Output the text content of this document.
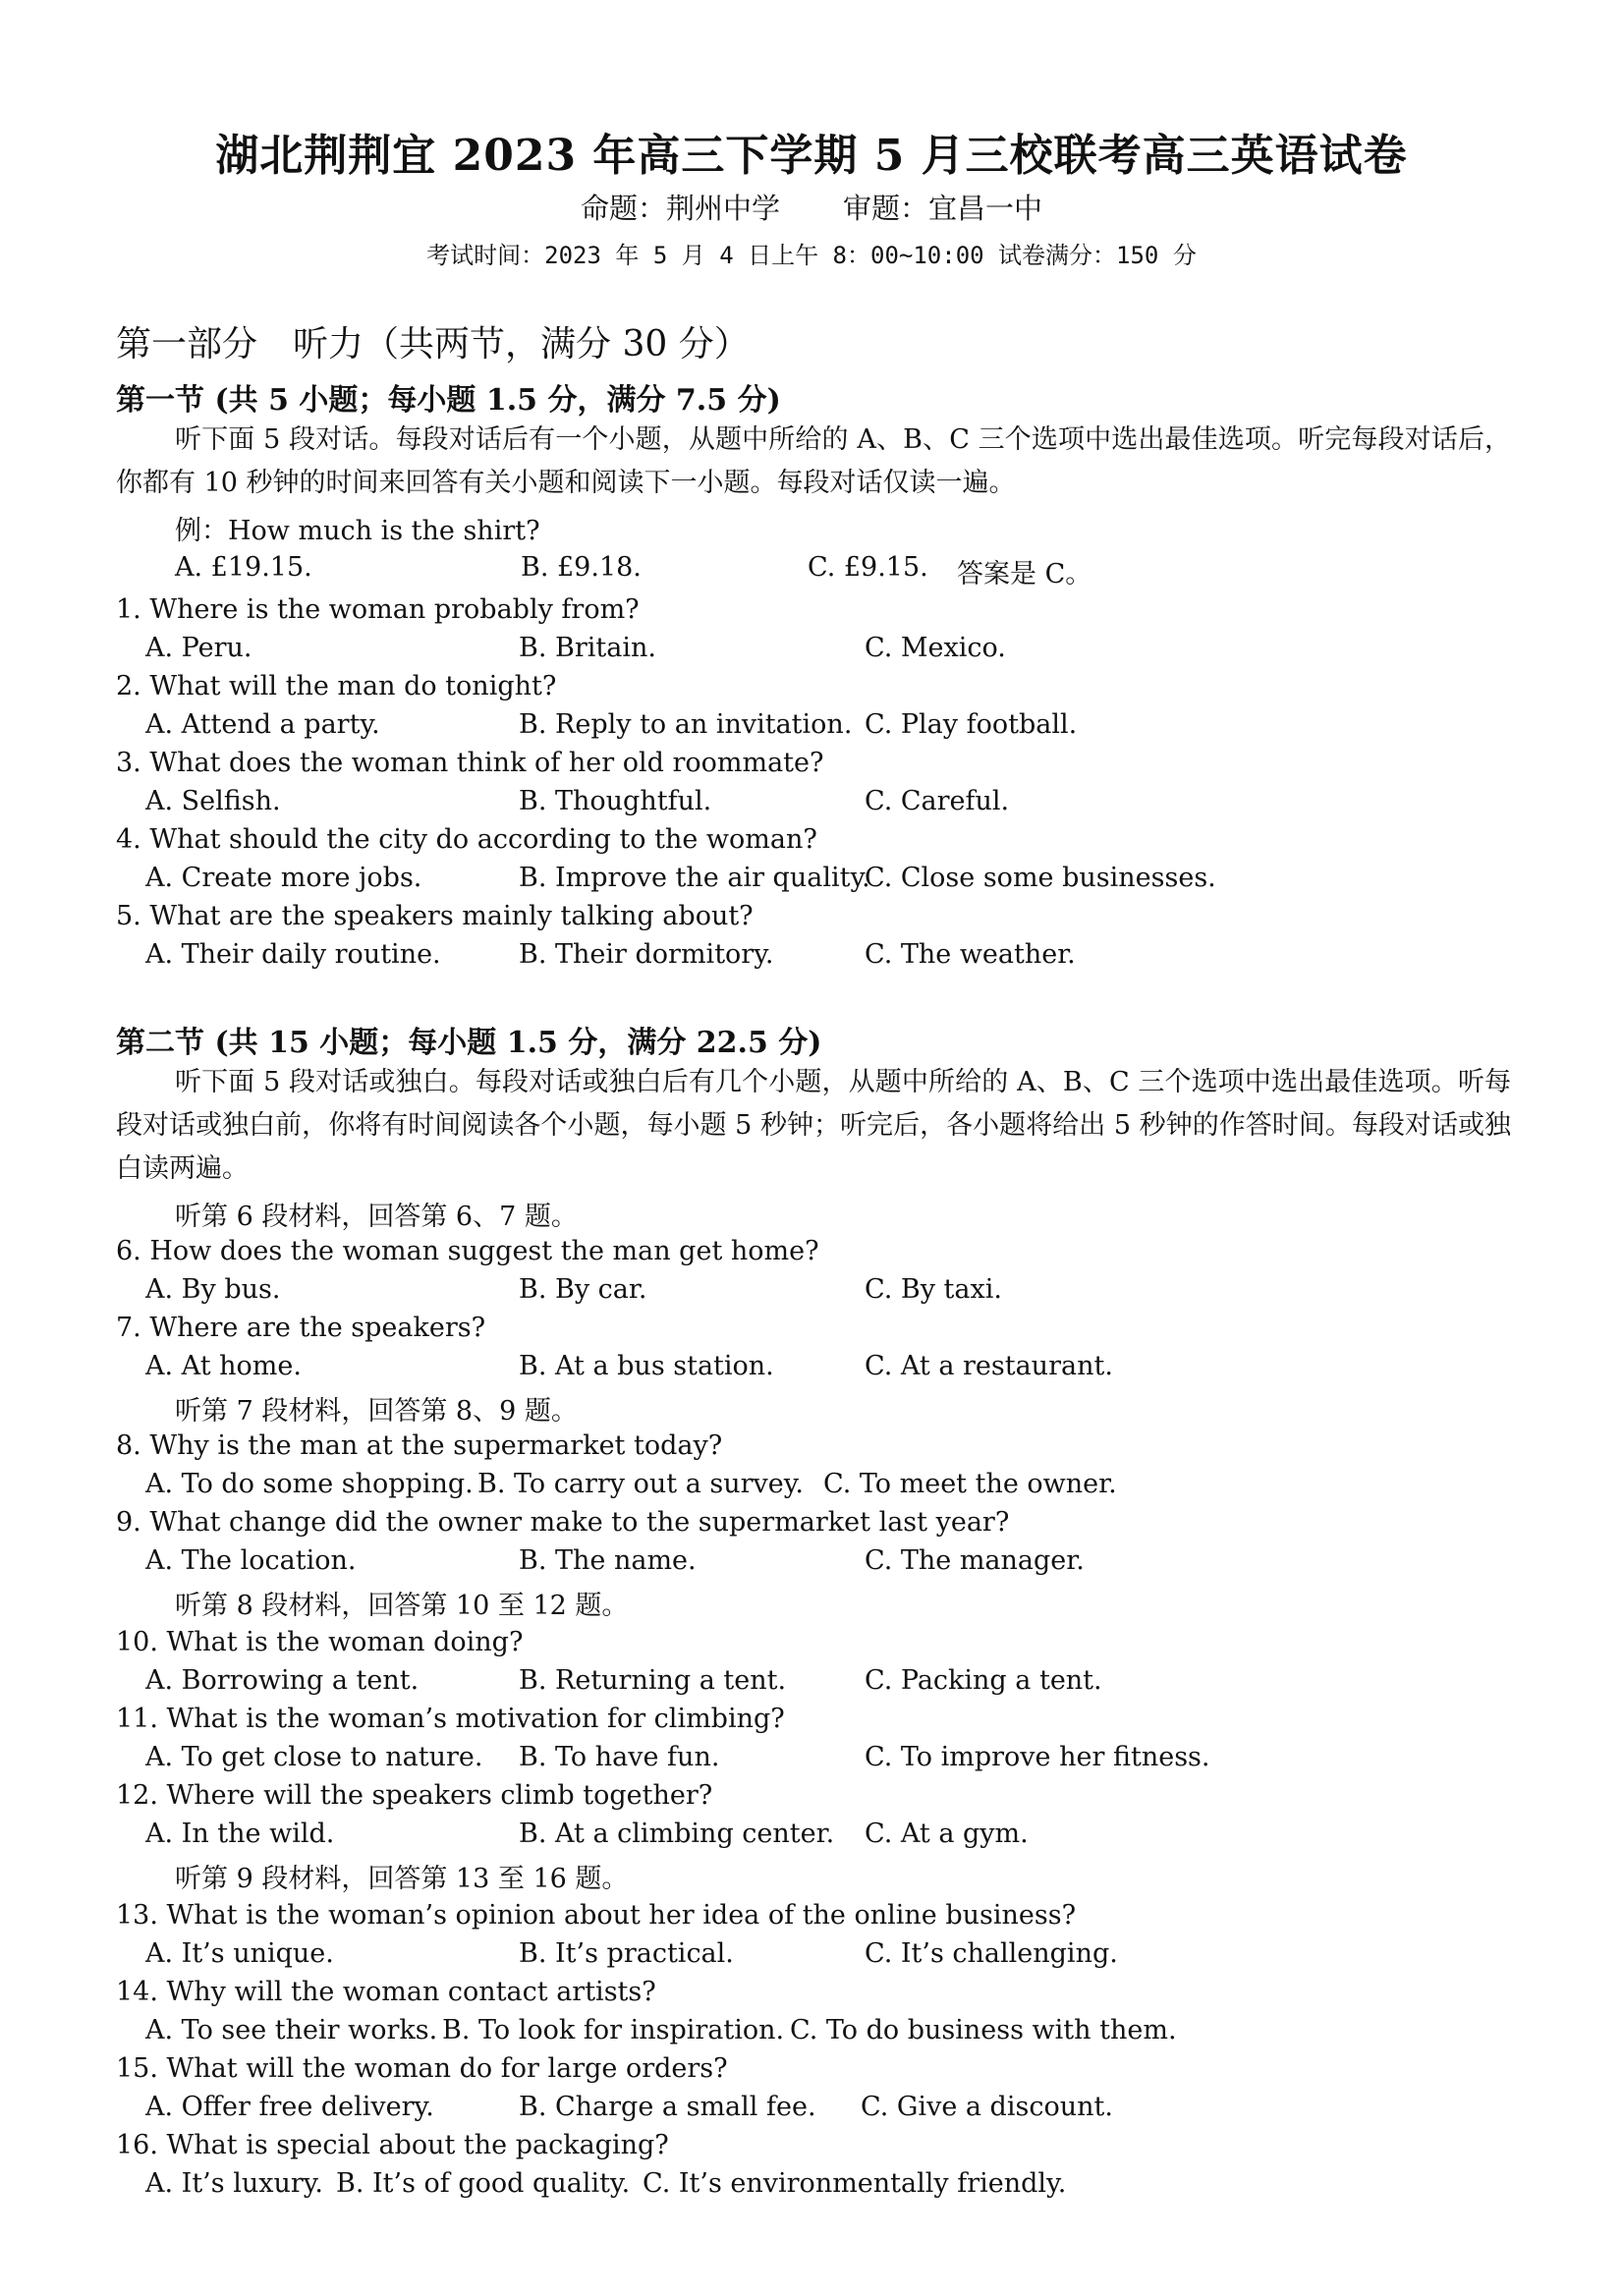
湖北荆荆宜 2023 年高三下学期 5 月三校联考高三英语试卷
命题：荆州中学 审题：宜昌一中
考试时间：2023 年 5 月 4 日上午 8：00~10:00 试卷满分：150 分
第一部分　听力（共两节，满分 30 分）
第一节 (共 5 小题；每小题 1.5 分，满分 7.5 分)
听下面 5 段对话。每段对话后有一个小题，从题中所给的 A、B、C 三个选项中选出最佳选项。听完每段对话后，你都有 10 秒钟的时间来回答有关小题和阅读下一小题。每段对话仅读一遍。
例：How much is the shirt?
A. £19.15.	B. £9.18.	C. £9.15. 答案是 C。
1. Where is the woman probably from?
A. Peru.	B. Britain.	C. Mexico.
2. What will the man do tonight?
A. Attend a party.	B. Reply to an invitation. C. Play football.
3. What does the woman think of her old roommate?
A. Selfish.	B. Thoughtful.	C. Careful.
4. What should the city do according to the woman?
A. Create more jobs.	B. Improve the air quality.
C. Close some businesses.
5. What are the speakers mainly talking about?
A. Their daily routine.	B. Their dormitory.	C. The weather.
第二节 (共 15 小题；每小题 1.5 分，满分 22.5 分)
听下面 5 段对话或独白。每段对话或独白后有几个小题，从题中所给的 A、B、C 三个选项中选出最佳选项。听每段对话或独白前，你将有时间阅读各个小题，每小题 5 秒钟；听完后，各小题将给出 5 秒钟的作答时间。每段对话或独白读两遍。
听第 6 段材料，回答第 6、7 题。
6. How does the woman suggest the man get home?
A. By bus.	B. By car.	C. By taxi.
7. Where are the speakers?
A. At home.	B. At a bus station.	C. At a restaurant.
听第 7 段材料，回答第 8、9 题。
8. Why is the man at the supermarket today?
A. To do some shopping. B. To carry out a survey. C. To meet the owner.
9. What change did the owner make to the supermarket last year?
A. The location.	B. The name.	C. The manager.
听第 8 段材料，回答第 10 至 12 题。
10. What is the woman doing?
A. Borrowing a tent.	B. Returning a tent.	C. Packing a tent.
11. What is the woman’s motivation for climbing?
A. To get close to nature. B. To have fun.	C. To improve her fitness.
12. Where will the speakers climb together?
A. In the wild.	B. At a climbing center. C. At a gym.
听第 9 段材料，回答第 13 至 16 题。
13. What is the woman’s opinion about her idea of the online business?
A. It’s unique.	B. It’s practical.	C. It’s challenging.
14. Why will the woman contact artists?
A. To see their works. B. To look for inspiration. C. To do business with them.
15. What will the woman do for large orders?
A. Offer free delivery.	B. Charge a small fee. C. Give a discount.
16. What is special about the packaging?
A. It’s luxury. B. It’s of good quality. C. It’s environmentally friendly.
